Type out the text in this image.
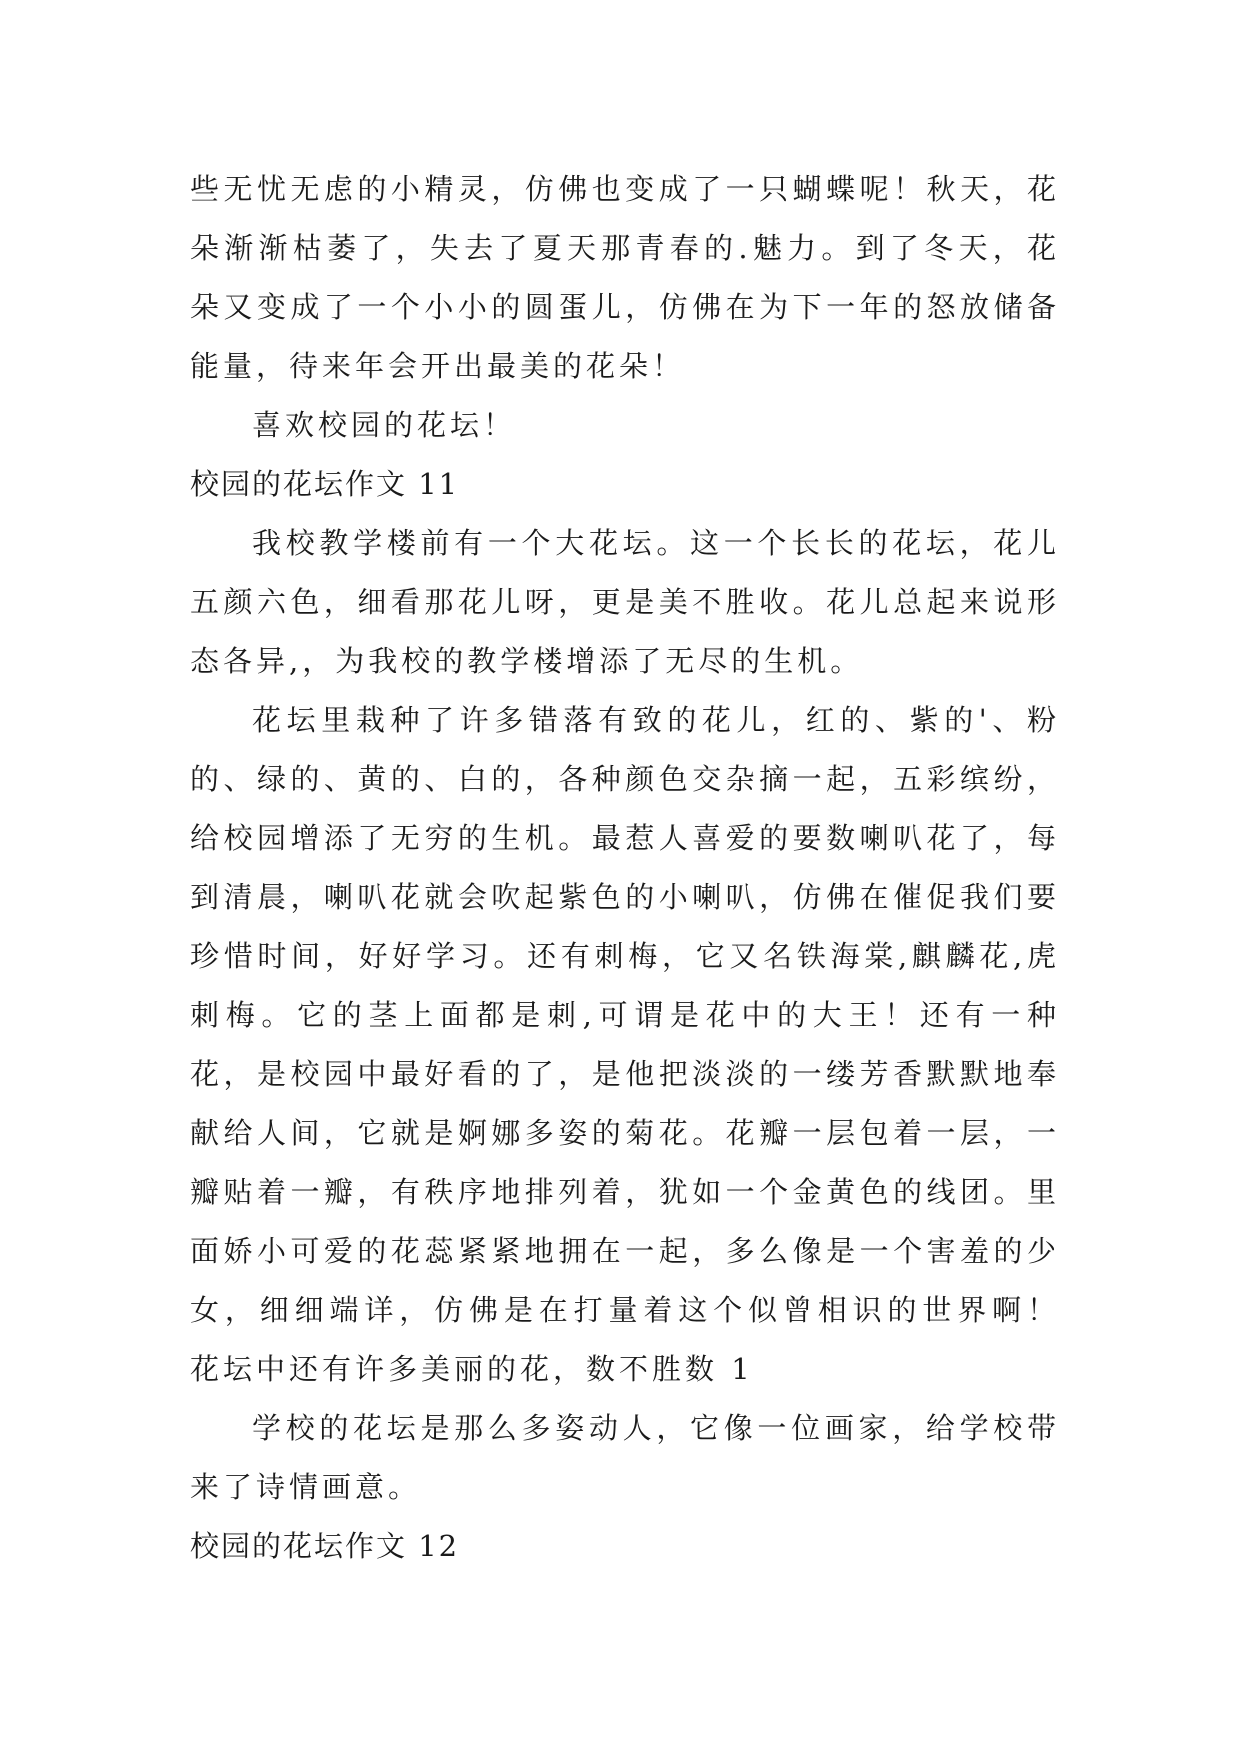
些无忧无虑的小精灵，仿佛也变成了一只蝴蝶呢！秋天，花朵渐渐枯萎了，失去了夏天那青春的.魅力。到了冬天，花朵又变成了一个小小的圆蛋儿，仿佛在为下一年的怒放储备能量，待来年会开出最美的花朵！

喜欢校园的花坛！

校园的花坛作文 11

我校教学楼前有一个大花坛。这一个长长的花坛，花儿五颜六色，细看那花儿呀，更是美不胜收。花儿总起来说形态各异,，为我校的教学楼增添了无尽的生机。

花坛里栽种了许多错落有致的花儿，红的、紫的'、粉的、绿的、黄的、白的，各种颜色交杂摘一起，五彩缤纷，给校园增添了无穷的生机。最惹人喜爱的要数喇叭花了，每到清晨，喇叭花就会吹起紫色的小喇叭，仿佛在催促我们要珍惜时间，好好学习。还有刺梅，它又名铁海棠,麒麟花,虎刺梅。它的茎上面都是刺,可谓是花中的大王！还有一种花，是校园中最好看的了，是他把淡淡的一缕芳香默默地奉献给人间，它就是婀娜多姿的菊花。花瓣一层包着一层，一瓣贴着一瓣，有秩序地排列着，犹如一个金黄色的线团。里面娇小可爱的花蕊紧紧地拥在一起，多么像是一个害羞的少女，细细端详，仿佛是在打量着这个似曾相识的世界啊！ 花坛中还有许多美丽的花，数不胜数 1

学校的花坛是那么多姿动人，它像一位画家，给学校带来了诗情画意。

校园的花坛作文 12
